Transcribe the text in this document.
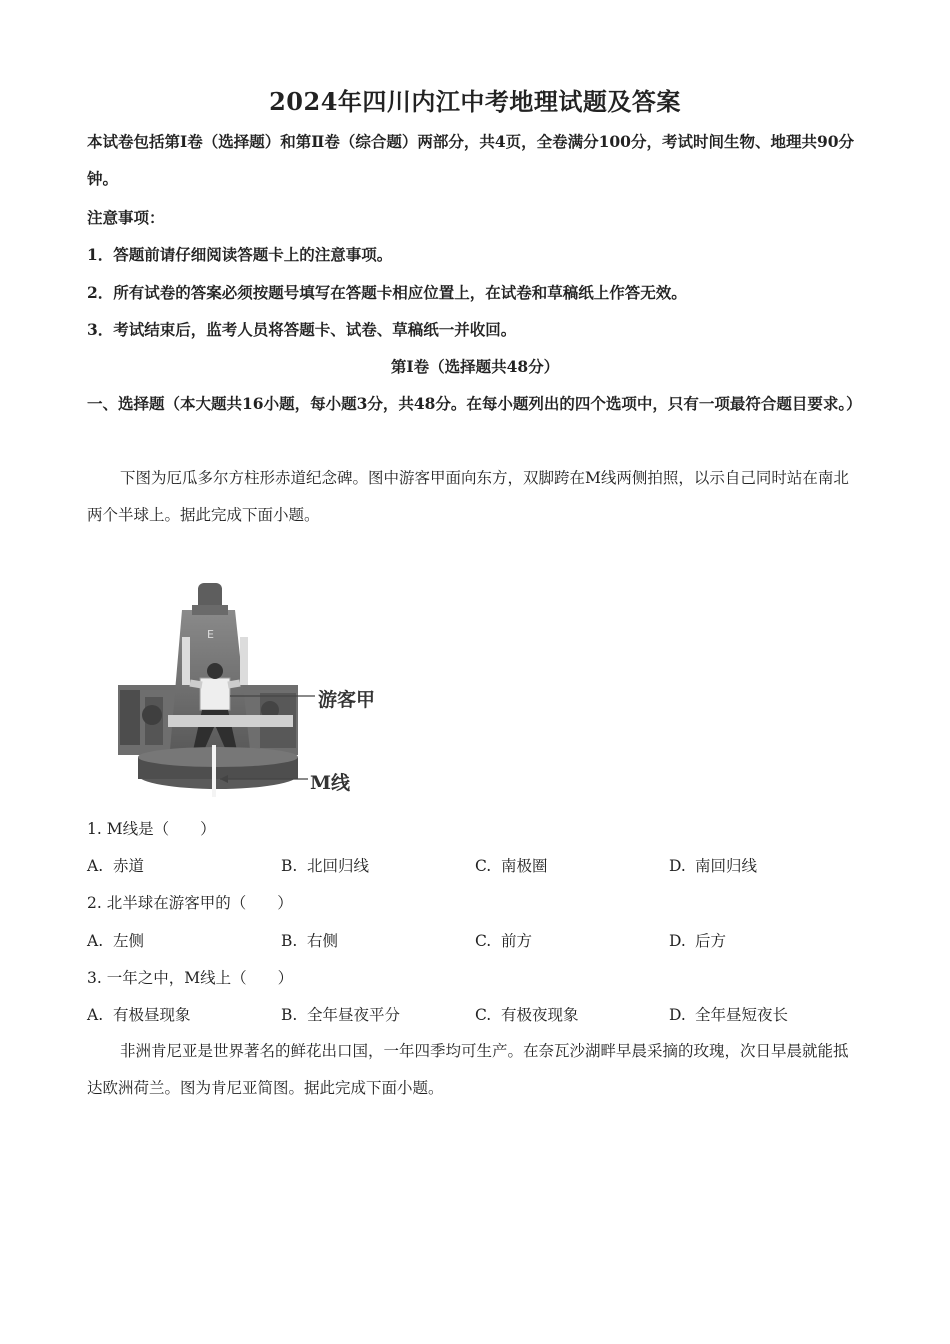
2024年四川内江中考地理试题及答案
本试卷包括第Ⅰ卷（选择题）和第Ⅱ卷（综合题）两部分，共4页，全卷满分100分，考试时间生物、地理共90分钟。
注意事项：
1．答题前请仔细阅读答题卡上的注意事项。
2．所有试卷的答案必须按题号填写在答题卡相应位置上，在试卷和草稿纸上作答无效。
3．考试结束后，监考人员将答题卡、试卷、草稿纸一并收回。
第Ⅰ卷（选择题共48分）
一、选择题（本大题共16小题，每小题3分，共48分。在每小题列出的四个选项中，只有一项最符合题目要求。）
下图为厄瓜多尔方柱形赤道纪念碑。图中游客甲面向东方，双脚跨在M线两侧拍照，以示自己同时站在南北两个半球上。据此完成下面小题。
E
游客甲
M线
1. M线是（　　）
A. 赤道	B. 北回归线	C. 南极圈	D. 南回归线
2. 北半球在游客甲的（　　）
A. 左侧	B. 右侧	C. 前方	D. 后方
3. 一年之中，M线上（　　）
A. 有极昼现象	B. 全年昼夜平分	C. 有极夜现象	D. 全年昼短夜长
非洲肯尼亚是世界著名的鲜花出口国，一年四季均可生产。在奈瓦沙湖畔早晨采摘的玫瑰，次日早晨就能抵达欧洲荷兰。图为肯尼亚简图。据此完成下面小题。
